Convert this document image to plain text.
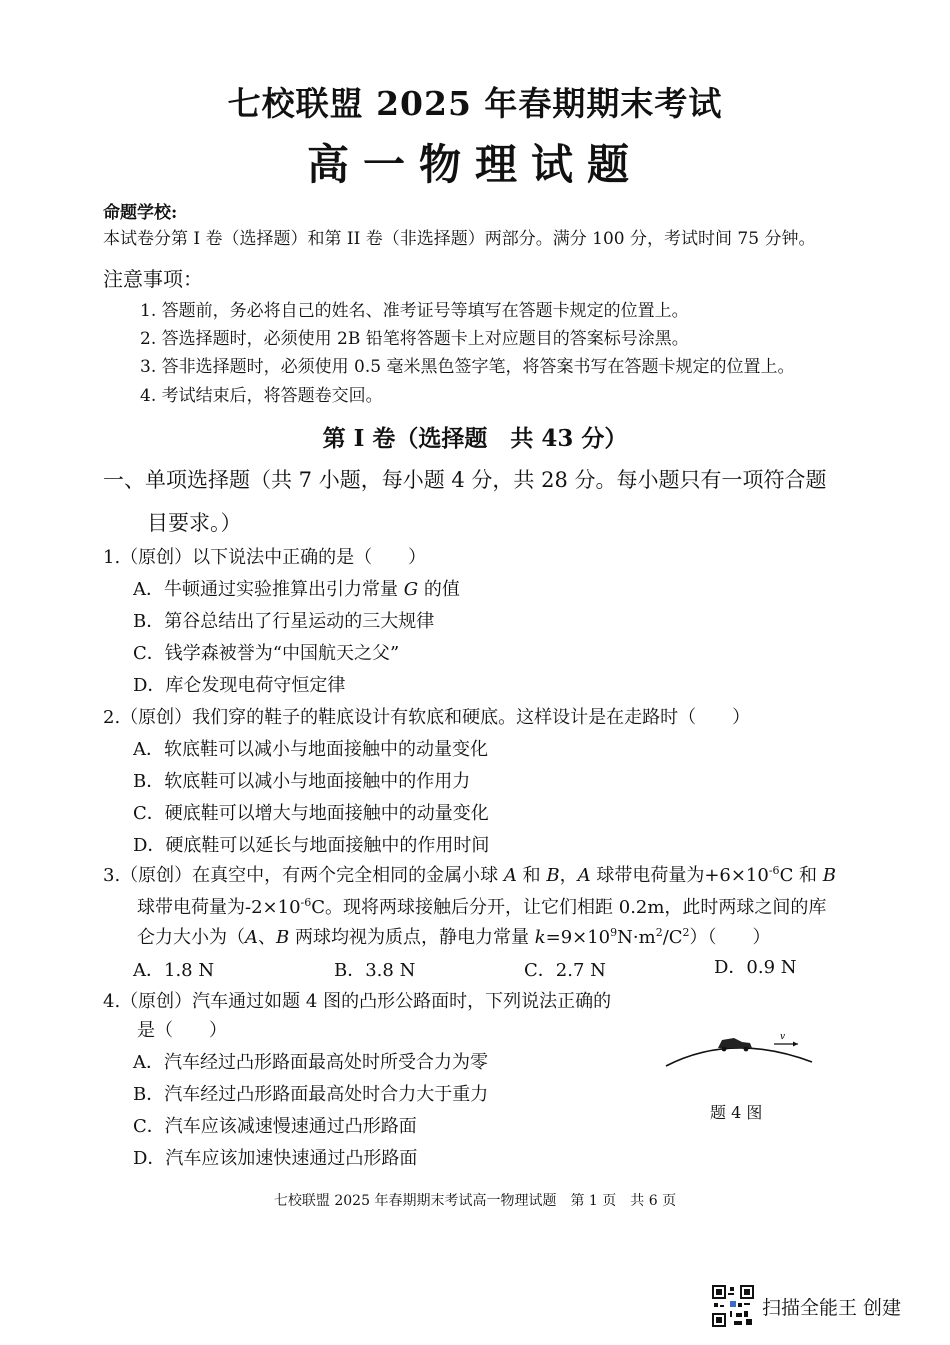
七校联盟 2025 年春期期末考试
高一物理试题
命题学校:
本试卷分第 I 卷（选择题）和第 II 卷（非选择题）两部分。满分 100 分，考试时间 75 分钟。
注意事项：
1. 答题前，务必将自己的姓名、准考证号等填写在答题卡规定的位置上。
2. 答选择题时，必须使用 2B 铅笔将答题卡上对应题目的答案标号涂黑。
3. 答非选择题时，必须使用 0.5 毫米黑色签字笔，将答案书写在答题卡规定的位置上。
4. 考试结束后，将答题卷交回。
第 I 卷（选择题　共 43 分）
一、单项选择题（共 7 小题，每小题 4 分，共 28 分。每小题只有一项符合题
目要求。）
1.（原创）以下说法中正确的是（　　）
A．牛顿通过实验推算出引力常量 G 的值
B．第谷总结出了行星运动的三大规律
C．钱学森被誉为“中国航天之父”
D．库仑发现电荷守恒定律
2.（原创）我们穿的鞋子的鞋底设计有软底和硬底。这样设计是在走路时（　　）
A．软底鞋可以减小与地面接触中的动量变化
B．软底鞋可以减小与地面接触中的作用力
C．硬底鞋可以增大与地面接触中的动量变化
D．硬底鞋可以延长与地面接触中的作用时间
3.（原创）在真空中，有两个完全相同的金属小球 A 和 B，A 球带电荷量为$+6\times 10^{-6}C$ 和 B
球带电荷量为$-2\times 10^{-6}C$。现将两球接触后分开，让它们相距 0.2m，此时两球之间的库
仑力大小为（A、B 两球均视为质点，静电力常量 $k=9\times 10^9N\cdot m^2/C^2$）（　　）
A．1.8 N	B．3.8 N	C．2.7 N	D．0.9 N
4.（原创）汽车通过如题 4 图的凸形公路面时，下列说法正确的
是（　　）
A．汽车经过凸形路面最高处时所受合力为零
B．汽车经过凸形路面最高处时合力大于重力
C．汽车应该减速慢速通过凸形路面
D．汽车应该加速快速通过凸形路面
v
题 4 图
七校联盟 2025 年春期期末考试高一物理试题　第 1 页　共 6 页
扫描全能王 创建
